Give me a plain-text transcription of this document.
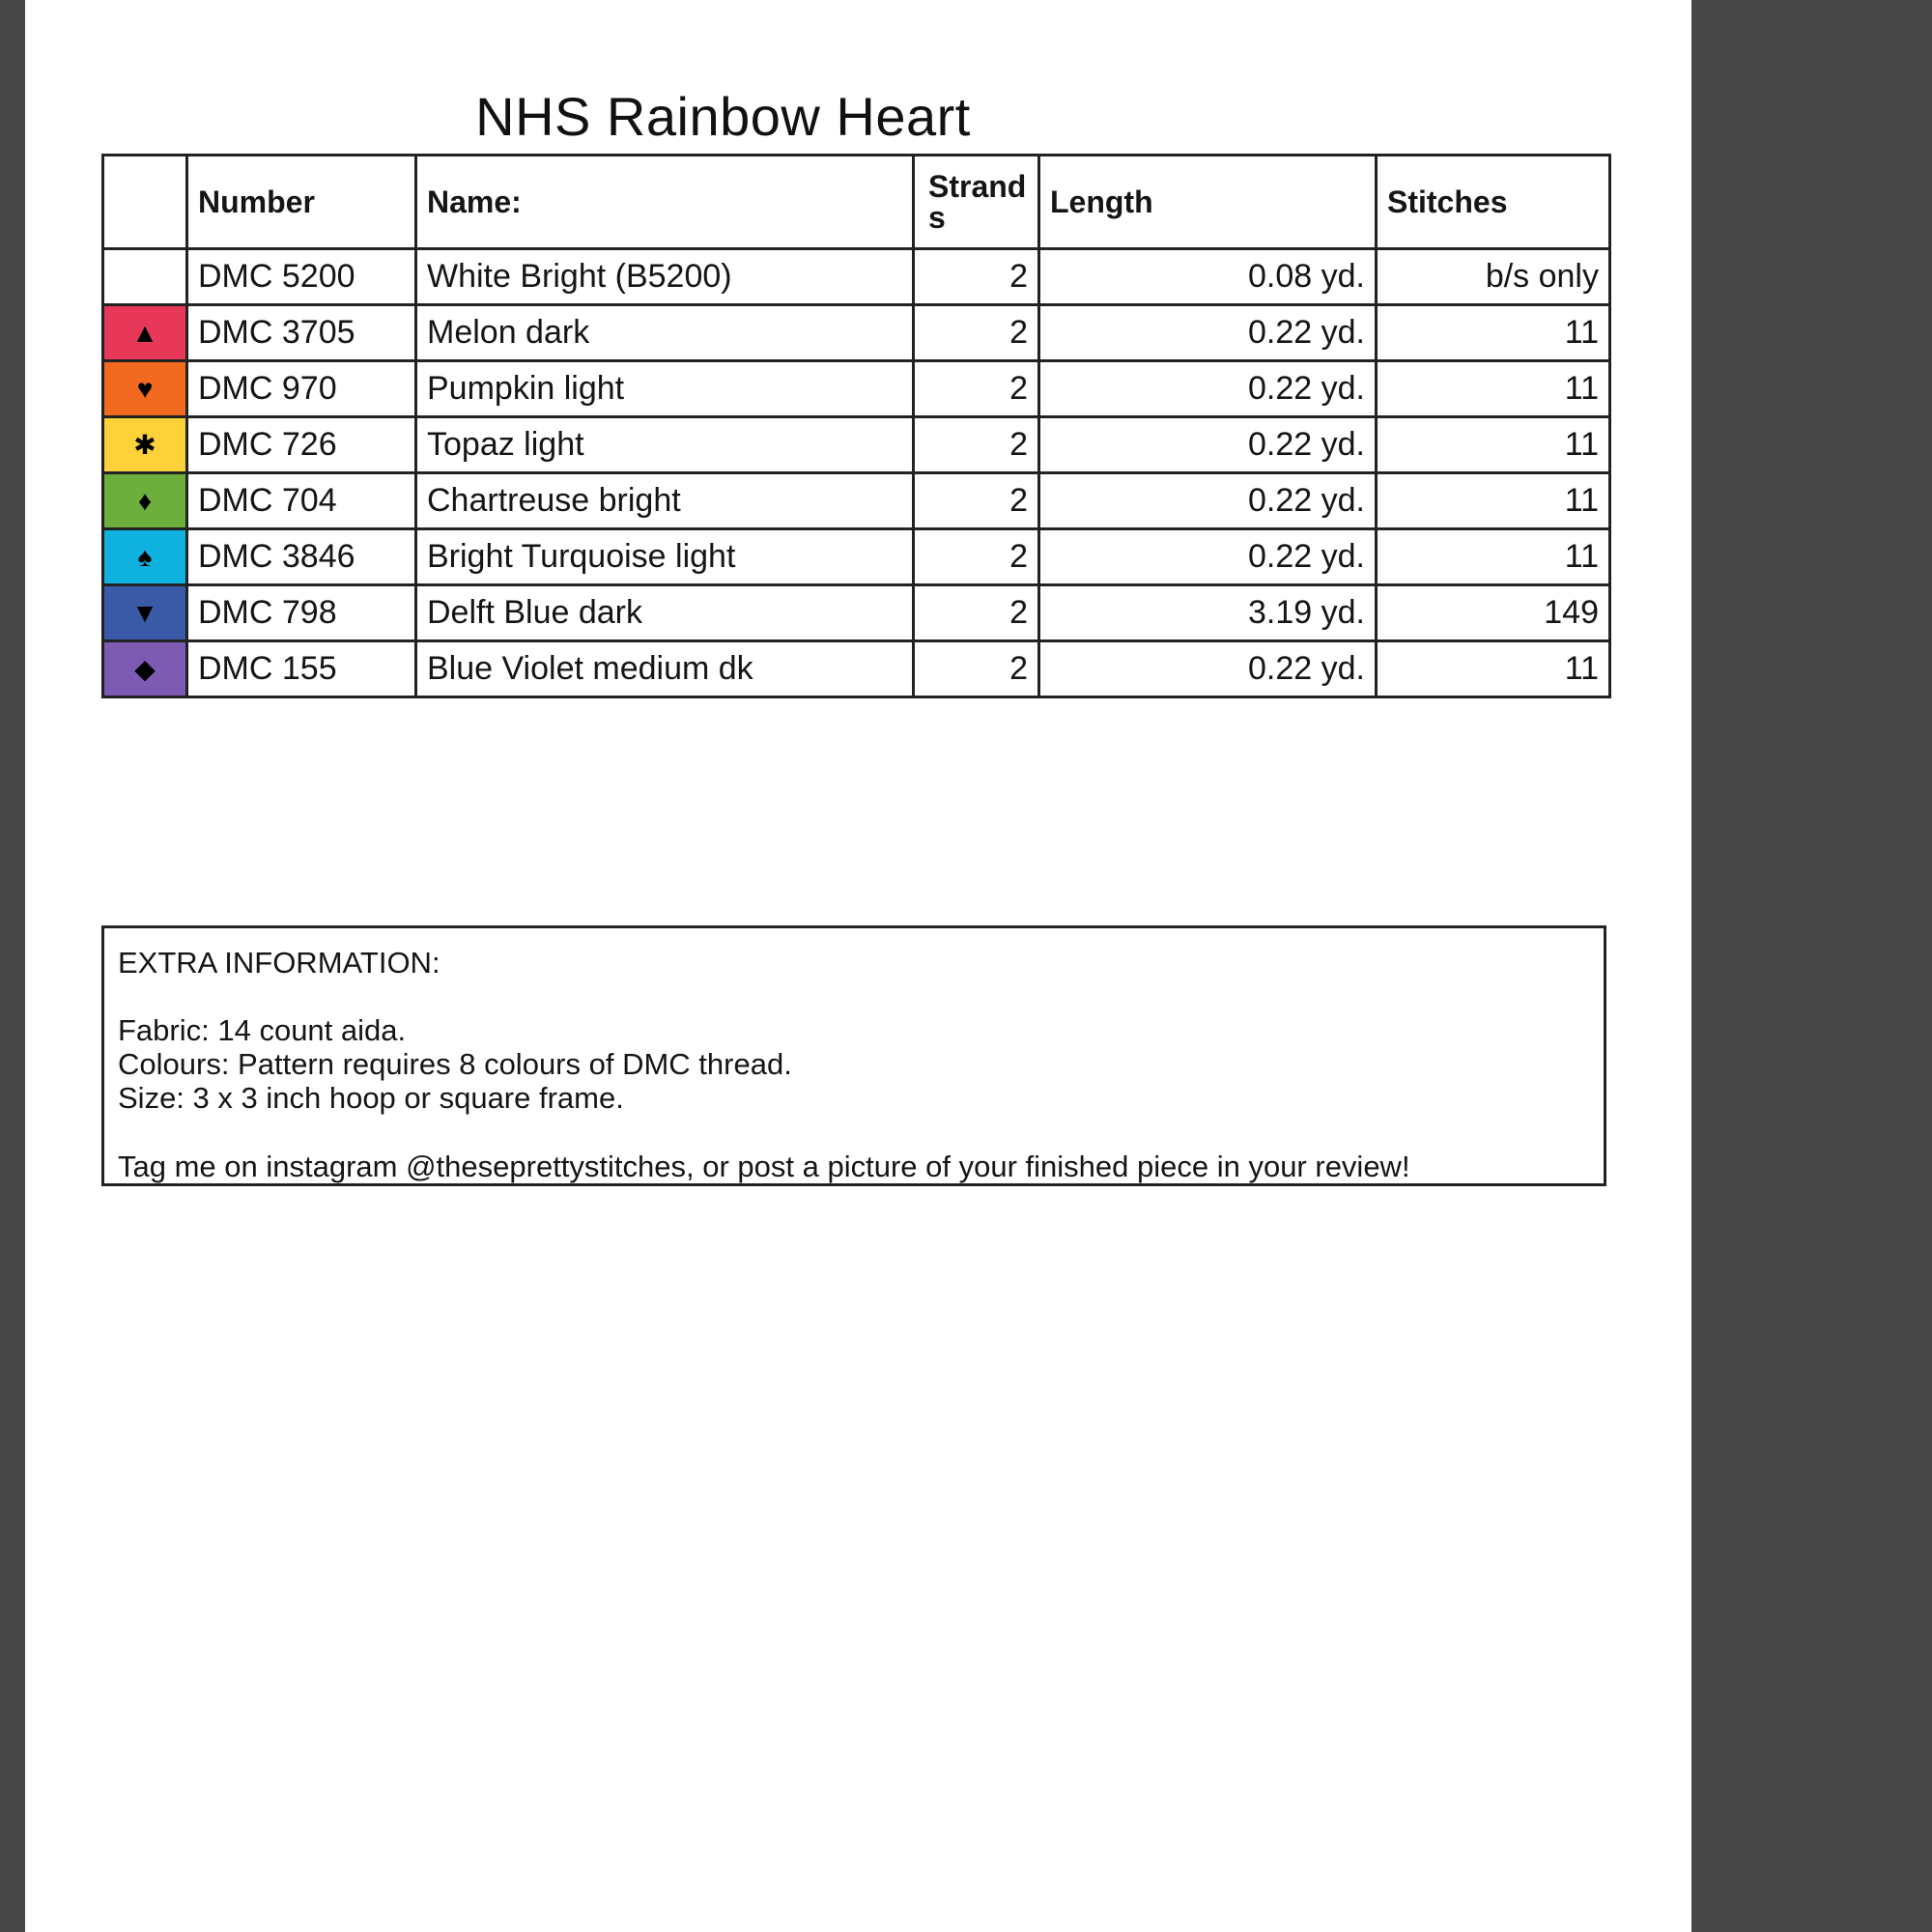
NHS Rainbow Heart
	Number	Name:	Strand s	Length	Stitches

	DMC 5200	White Bright (B5200)	2	0.08 yd.	b/s only

▲	DMC 3705	Melon dark	2	0.22 yd.	11

♥	DMC 970	Pumpkin light	2	0.22 yd.	11

✱	DMC 726	Topaz light	2	0.22 yd.	11

♦	DMC 704	Chartreuse bright	2	0.22 yd.	11

♠	DMC 3846	Bright Turquoise light	2	0.22 yd.	11

▼	DMC 798	Delft Blue dark	2	3.19 yd.	149

◆	DMC 155	Blue Violet medium dk	2	0.22 yd.	11
EXTRA INFORMATION:
Fabric: 14 count aida.
Colours: Pattern requires 8 colours of DMC thread.
Size: 3 x 3 inch hoop or square frame.
Tag me on instagram @theseprettystitches, or post a picture of your finished piece in your review!
